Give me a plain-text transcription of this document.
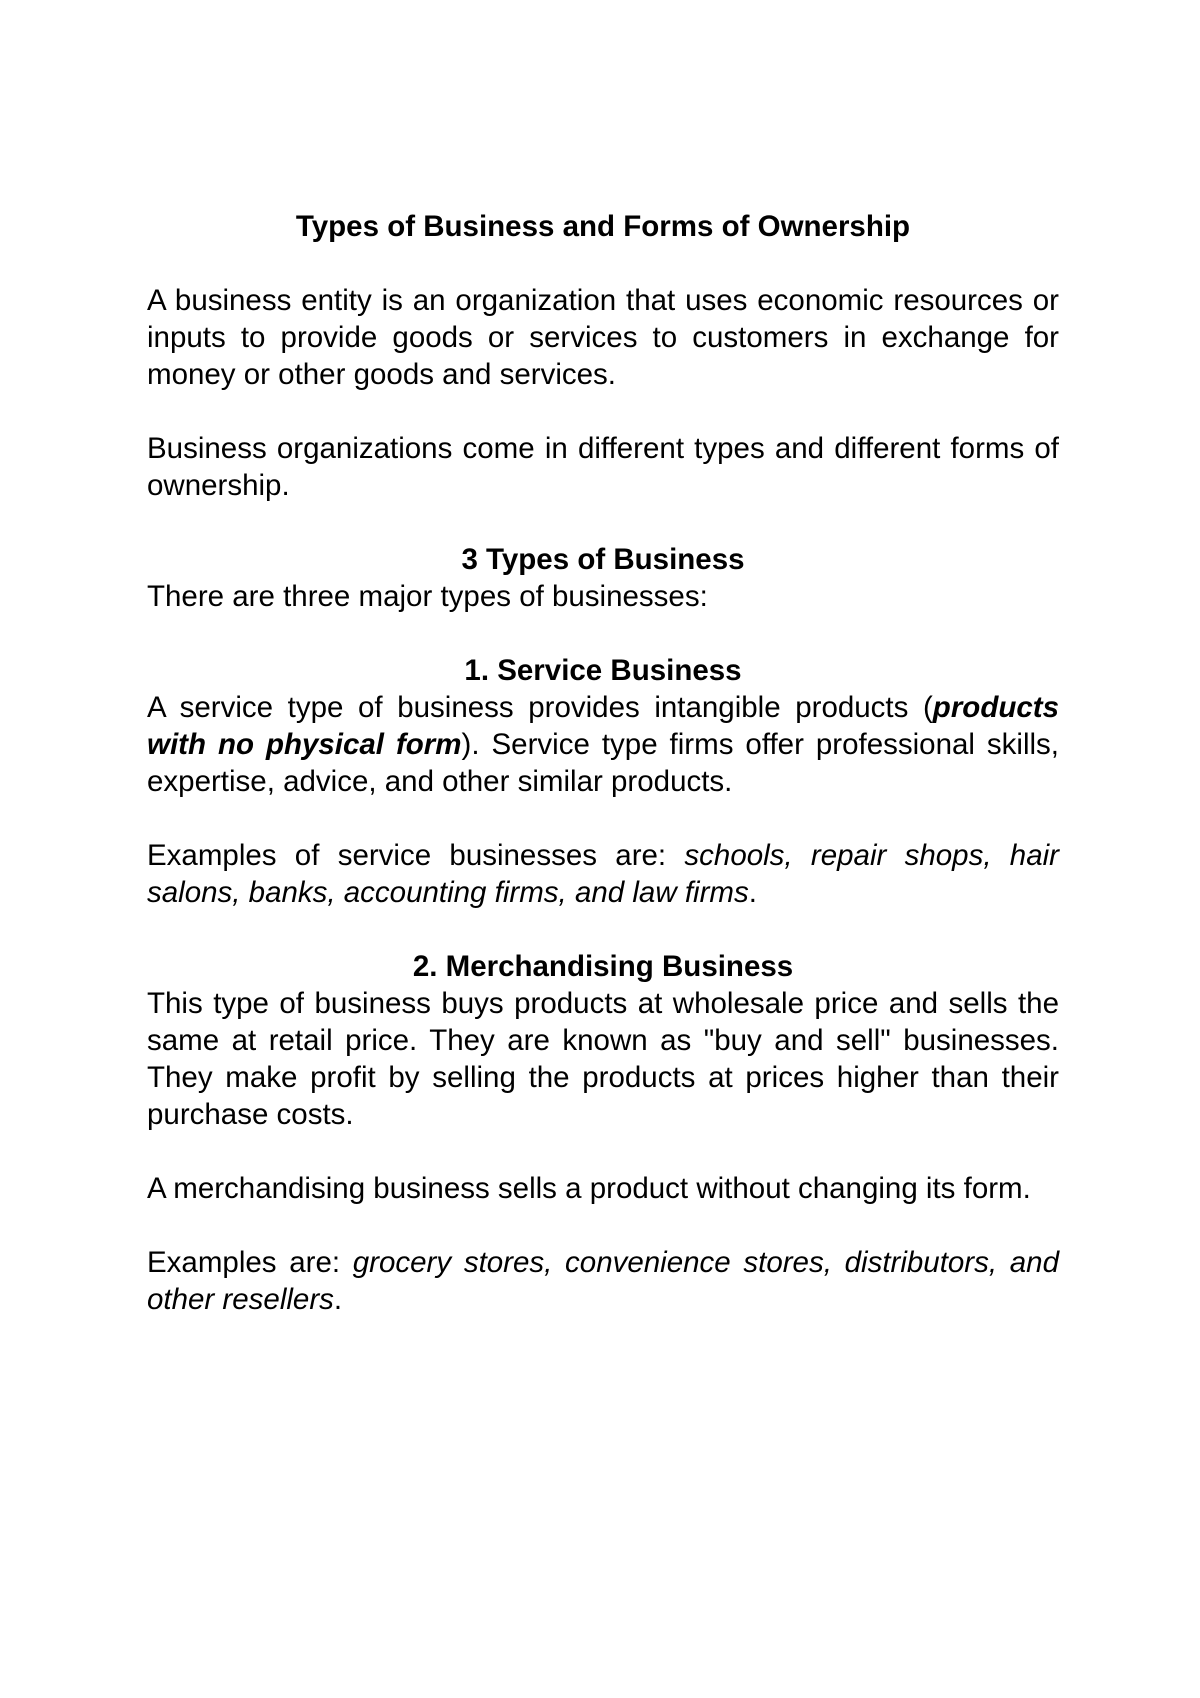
Types of Business and Forms of Ownership

A business entity is an organization that uses economic resources or inputs to provide goods or services to customers in exchange for money or other goods and services.

Business organizations come in different types and different forms of ownership.

3 Types of Business

There are three major types of businesses:

1. Service Business

A service type of business provides intangible products (products with no physical form). Service type firms offer professional skills, expertise, advice, and other similar products.

Examples of service businesses are: schools, repair shops, hair salons, banks, accounting firms, and law firms.

2. Merchandising Business

This type of business buys products at wholesale price and sells the same at retail price. They are known as "buy and sell" businesses. They make profit by selling the products at prices higher than their purchase costs.

A merchandising business sells a product without changing its form.

Examples are: grocery stores, convenience stores, distributors, and other resellers.
